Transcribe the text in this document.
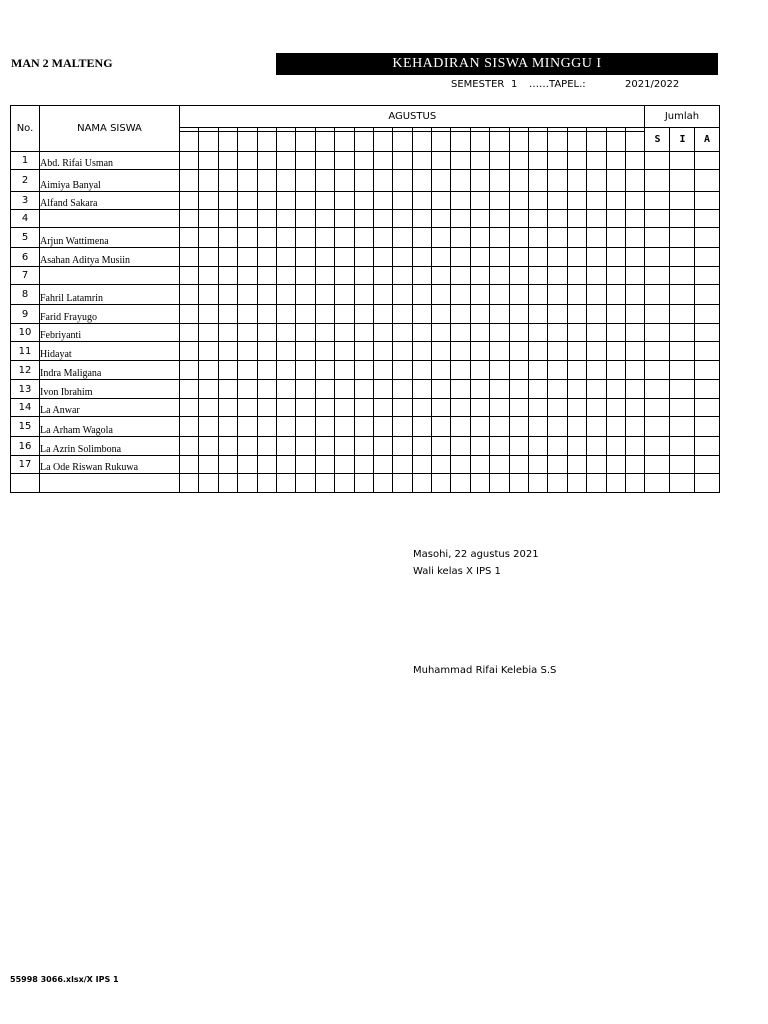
MAN 2 MALTENG	KEHADIRAN SISWA MINGGU I
SEMESTER 1 ……TAPEL.:	2021/2022
No.	NAMA SISWA	AGUSTUS																								Jumlah		
																										S	I	A

1	Abd. Rifai Usman																											
2	Aimiya Banyal																											
3	Alfand Sakara																											
4																												
5	Arjun Wattimena																											
6	Asahan Aditya Musiin																											
7																												
8	Fahril Latamrin																											
9	Farid Frayugo																											
10	Febriyanti																											
11	Hidayat																											
12	Indra Maligana																											
13	Ivon Ibrahim																											
14	La Anwar																											
15	La Arham Wagola																											
16	La Azrin Solimbona																											
17	La Ode Riswan Rukuwa																											

Masohi, 22 agustus 2021
Wali kelas X IPS 1
Muhammad Rifai Kelebia S.S
55998 3066.xlsx/X IPS 1
